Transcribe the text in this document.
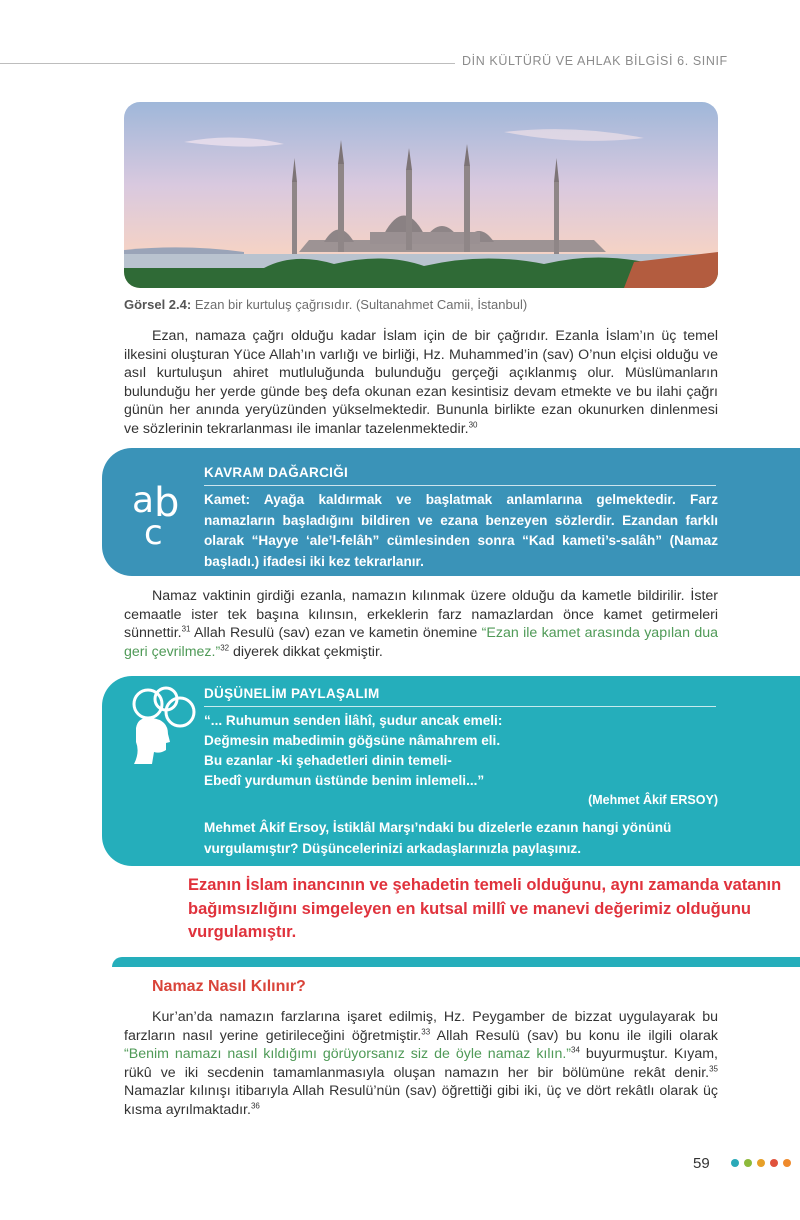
DİN KÜLTÜRÜ VE AHLAK BİLGİSİ 6. SINIF
Görsel 2.4: Ezan bir kurtuluş çağrısıdır. (Sultanahmet Camii, İstanbul)

Ezan, namaza çağrı olduğu kadar İslam için de bir çağrıdır. Ezanla İslam’ın üç temel ilkesini oluşturan Yüce Allah’ın varlığı ve birliği, Hz. Muhammed’in (sav) O’nun elçisi olduğu ve asıl kurtuluşun ahiret mutluluğunda bulunduğu gerçeği açıklanmış olur. Müslümanların bulunduğu her yerde günde beş defa okunan ezan kesintisiz devam etmekte ve bu ilahi çağrı günün her anında yeryüzünden yükselmektedir. Bununla birlikte ezan okunurken dinlenmesi ve sözlerinin tekrarlanması ile imanlar tazelenmektedir.$^{30}$

a b
c
KAVRAM DAĞARCIĞI
Kamet: Ayağa kaldırmak ve başlatmak anlamlarına gelmektedir. Farz namazların başladığını bildiren ve ezana benzeyen sözlerdir. Ezandan farklı olarak “Hayye ‘ale’l-felâh” cümlesinden sonra “Kad kameti’s-salâh” (Namaz başladı.) ifadesi iki kez tekrarlanır.

Namaz vaktinin girdiği ezanla, namazın kılınmak üzere olduğu da kametle bildirilir. İster cemaatle ister tek başına kılınsın, erkeklerin farz namazlardan önce kamet getirmeleri sünnettir.$^{31}$ Allah Resulü (sav) ezan ve kametin önemine “Ezan ile kamet arasında yapılan dua geri çevrilmez.”$^{32}$ diyerek dikkat çekmiştir.

DÜŞÜNELİM PAYLAŞALIM
“... Ruhumun senden İlâhî, şudur ancak emeli:
Değmesin mabedimin göğsüne nâmahrem eli.
Bu ezanlar -ki şehadetleri dinin temeli-
Ebedî yurdumun üstünde benim inlemeli...”
(Mehmet Âkif ERSOY)
Mehmet Âkif Ersoy, İstiklâl Marşı’ndaki bu dizelerle ezanın hangi yönünü vurgulamıştır? Düşüncelerinizi arkadaşlarınızla paylaşınız.
Ezanın İslam inancının ve şehadetin temeli olduğunu, aynı zamanda vatanın bağımsızlığını simgeleyen en kutsal millî ve manevi değerimiz olduğunu vurgulamıştır.
Namaz Nasıl Kılınır?

Kur’an’da namazın farzlarına işaret edilmiş, Hz. Peygamber de bizzat uygulayarak bu farzların nasıl yerine getirileceğini öğretmiştir.$^{33}$ Allah Resulü (sav) bu konu ile ilgili olarak “Benim namazı nasıl kıldığımı görüyorsanız siz de öyle namaz kılın.”$^{34}$ buyurmuştur. Kıyam, rükû ve iki secdenin tamamlanmasıyla oluşan namazın her bir bölümüne rekât denir.$^{35}$ Namazlar kılınışı itibarıyla Allah Resulü’nün (sav) öğrettiği gibi iki, üç ve dört rekâtlı olarak üç kısma ayrılmaktadır.$^{36}$

59
